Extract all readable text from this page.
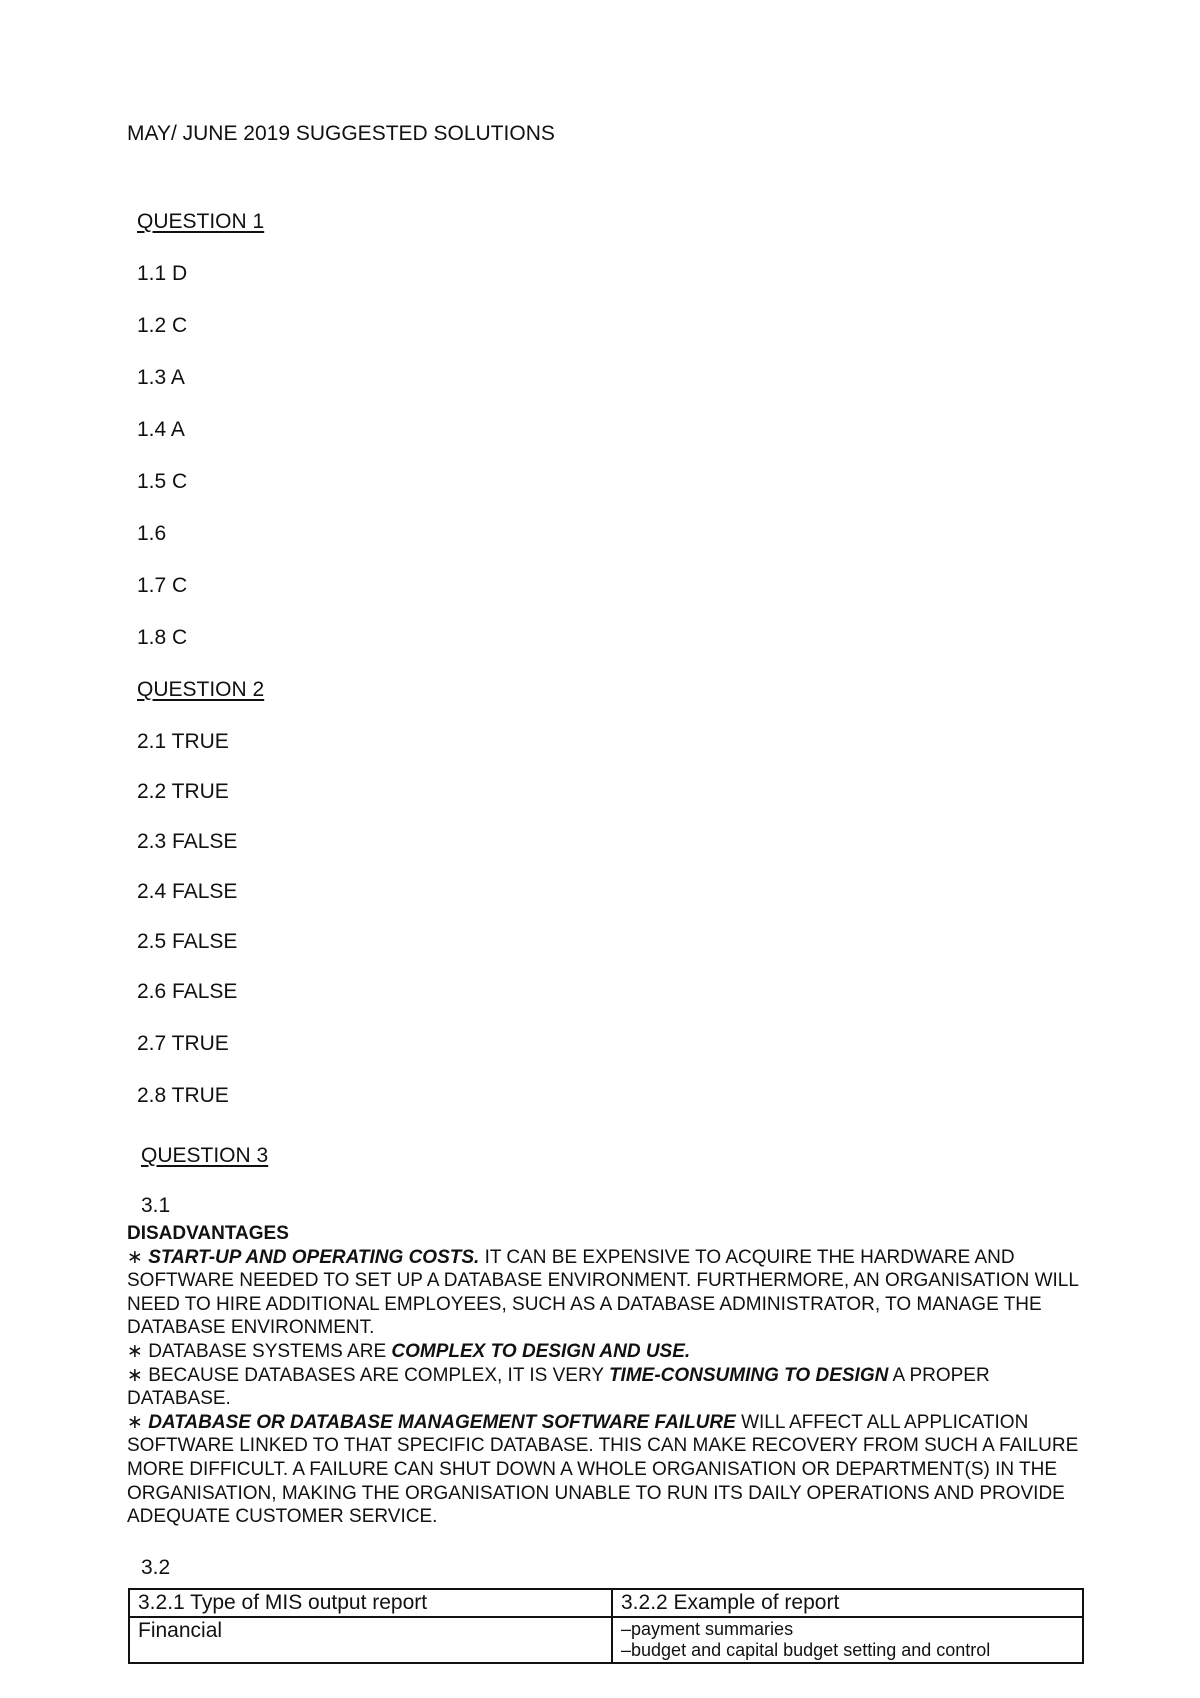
MAY/ JUNE 2019 SUGGESTED SOLUTIONS
QUESTION 1
1.1 D
1.2 C
1.3 A
1.4 A
1.5 C
1.6
1.7 C
1.8 C
QUESTION 2
2.1 TRUE
2.2 TRUE
2.3 FALSE
2.4 FALSE
2.5 FALSE
2.6 FALSE
2.7 TRUE
2.8 TRUE
QUESTION 3
3.1
DISADVANTAGES
∗ START-UP AND OPERATING COSTS. IT CAN BE EXPENSIVE TO ACQUIRE THE HARDWARE AND SOFTWARE NEEDED TO SET UP A DATABASE ENVIRONMENT. FURTHERMORE, AN ORGANISATION WILL NEED TO HIRE ADDITIONAL EMPLOYEES, SUCH AS A DATABASE ADMINISTRATOR, TO MANAGE THE DATABASE ENVIRONMENT.
∗ DATABASE SYSTEMS ARE COMPLEX TO DESIGN AND USE.
∗ BECAUSE DATABASES ARE COMPLEX, IT IS VERY TIME-CONSUMING TO DESIGN A PROPER DATABASE.
∗ DATABASE OR DATABASE MANAGEMENT SOFTWARE FAILURE WILL AFFECT ALL APPLICATION SOFTWARE LINKED TO THAT SPECIFIC DATABASE. THIS CAN MAKE RECOVERY FROM SUCH A FAILURE MORE DIFFICULT. A FAILURE CAN SHUT DOWN A WHOLE ORGANISATION OR DEPARTMENT(S) IN THE ORGANISATION, MAKING THE ORGANISATION UNABLE TO RUN ITS DAILY OPERATIONS AND PROVIDE ADEQUATE CUSTOMER SERVICE.
3.2
3.2.1 Type of MIS output report	3.2.2 Example of report
Financial	–payment summaries
–budget and capital budget setting and control
